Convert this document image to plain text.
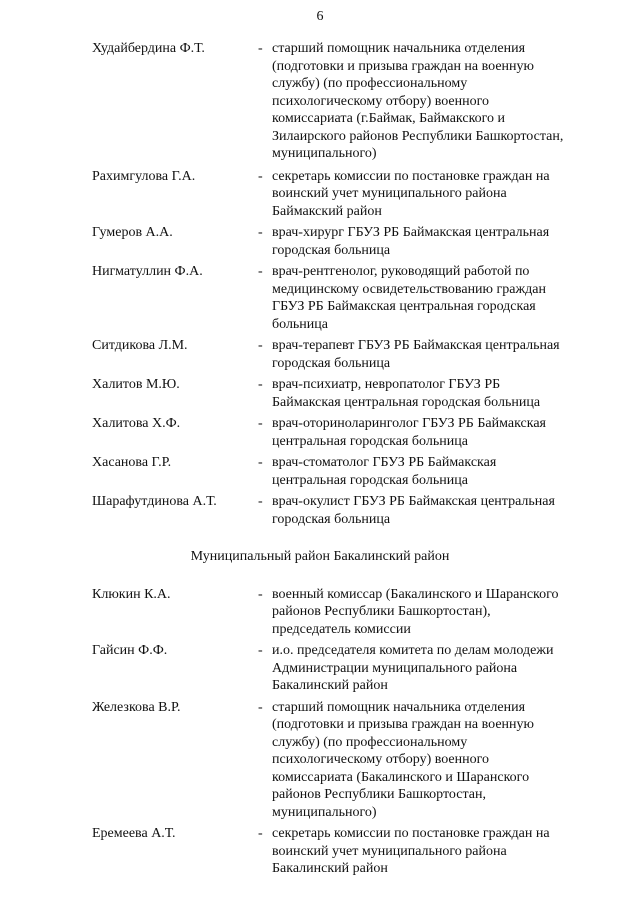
6
Худайбердина Ф.Т.	- старший помощник начальника отделения
(подготовки и призыва граждан на военную
службу) (по профессиональному
психологическому отбору) военного
комиссариата (г.Баймак, Баймакского и
Зилаирского районов Республики Башкортостан,
муниципального)
Рахимгулова Г.А.	- секретарь комиссии по постановке граждан на
воинский учет муниципального района
Баймакский район
Гумеров А.А.	- врач-хирург ГБУЗ РБ Баймакская центральная
городская больница
Нигматуллин Ф.А.	- врач-рентгенолог, руководящий работой по
медицинскому освидетельствованию граждан
ГБУЗ РБ Баймакская центральная городская
больница
Ситдикова Л.М.	- врач-терапевт ГБУЗ РБ Баймакская центральная
городская больница
Халитов М.Ю.	- врач-психиатр, невропатолог ГБУЗ РБ
Баймакская центральная городская больница
Халитова Х.Ф.	- врач-оториноларинголог ГБУЗ РБ Баймакская
центральная городская больница
Хасанова Г.Р.	- врач-стоматолог ГБУЗ РБ Баймакская
центральная городская больница
Шарафутдинова А.Т.	- врач-окулист ГБУЗ РБ Баймакская центральная
городская больница
Муниципальный район Бакалинский район
Клюкин К.А.	- военный комиссар (Бакалинского и Шаранского
районов Республики Башкортостан),
председатель комиссии
Гайсин Ф.Ф.	- и.о. председателя комитета по делам молодежи
Администрации муниципального района
Бакалинский район
Железкова В.Р.	- старший помощник начальника отделения
(подготовки и призыва граждан на военную
службу) (по профессиональному
психологическому отбору) военного
комиссариата (Бакалинского и Шаранского
районов Республики Башкортостан,
муниципального)
Еремеева А.Т.	- секретарь комиссии по постановке граждан на
воинский учет муниципального района
Бакалинский район
